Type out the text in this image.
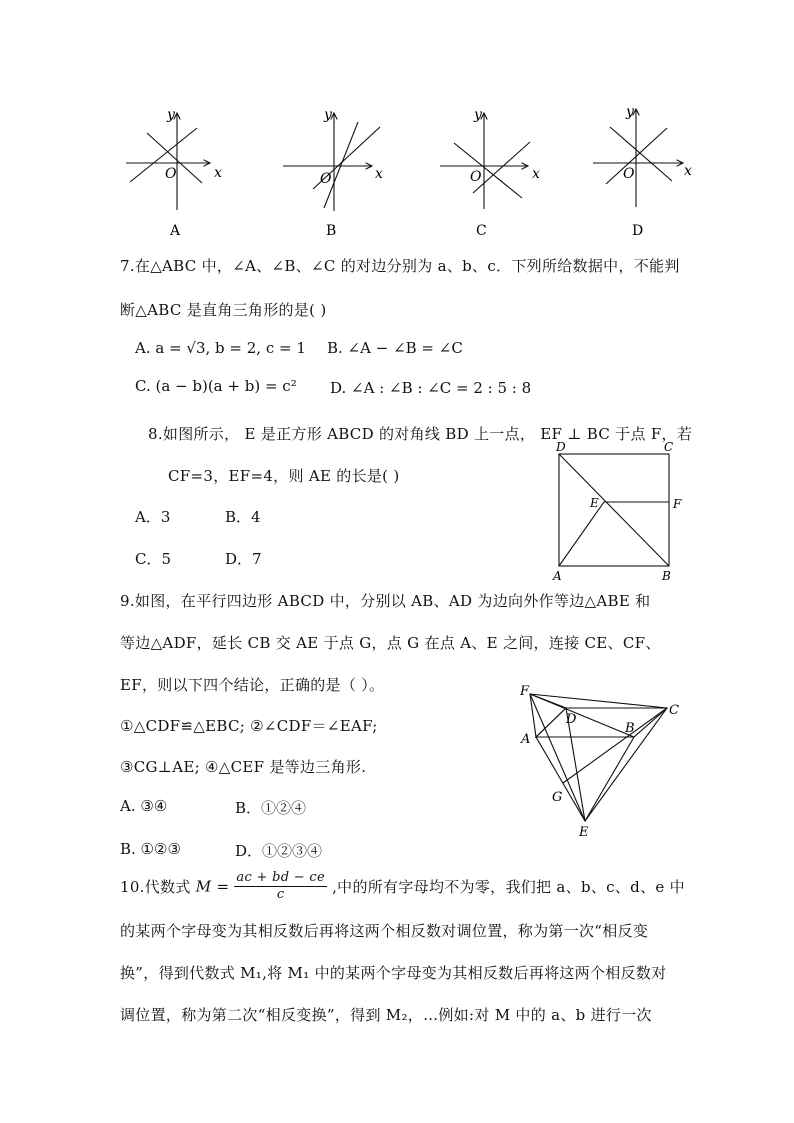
y
x
O
y
x
O
y
x
O
y
x
O
A	B	C	D
7.在△ABC 中，∠A、∠B、∠C 的对边分别为 a、b、c．下列所给数据中，不能判
断△ABC 是直角三角形的是( )
A. a = √3, b = 2, c = 1 B. ∠A − ∠B = ∠C
C. (a − b)(a + b) = c² D. ∠A : ∠B : ∠C = 2 : 5 : 8
8.如图所示， E 是正方形 ABCD 的对角线 BD 上一点， EF ⊥ BC 于点 F，若
CF=3，EF=4，则 AE 的长是( )
A．3	B．4
C．5	D．7
D	C
E	F
A	B
9.如图，在平行四边形 ABCD 中，分别以 AB、AD 为边向外作等边△ABE 和
等边△ADF，延长 CB 交 AE 于点 G，点 G 在点 A、E 之间，连接 CE、CF、
EF，则以下四个结论，正确的是（ ）。
①△CDF≌△EBC; ②∠CDF＝∠EAF;
③CG⊥AE; ④△CEF 是等边三角形.
A. ③④	B．①②④
B. ①②③	D．①②③④
F
D
C
A
B
G
E
10.代数式 $M = \frac{ac + bd - ce}{c}$ ,中的所有字母均不为零，我们把 a、b、c、d、e 中
的某两个字母变为其相反数后再将这两个相反数对调位置，称为第一次“相反变
换”，得到代数式 M₁,将 M₁ 中的某两个字母变为其相反数后再将这两个相反数对
调位置，称为第二次“相反变换”，得到 M₂，…例如:对 M 中的 a、b 进行一次
